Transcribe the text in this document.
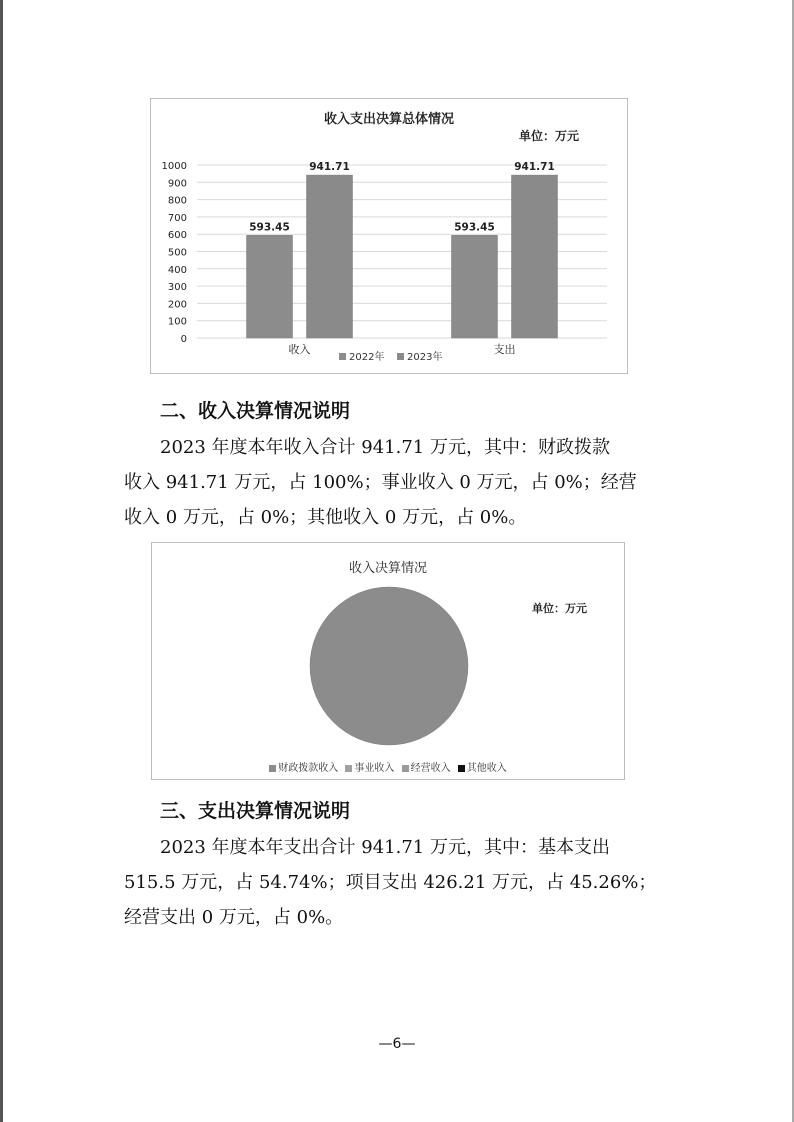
收入支出决算总体情况
单位：万元
0
100
200
300
400
500
600
700
800
900
1000
593.45
941.71
收入
593.45
941.71
支出
2022年 2023年
二、收入决算情况说明

2023 年度本年收入合计 941.71 万元，其中：财政拨款
收入 941.71 万元，占 100%；事业收入 0 万元，占 0%；经营
收入 0 万元，占 0%；其他收入 0 万元，占 0%。

收入决算情况
单位：万元
财政拨款收入 事业收入 经营收入 其他收入
三、支出决算情况说明

2023 年度本年支出合计 941.71 万元，其中：基本支出
515.5 万元，占 54.74%；项目支出 426.21 万元，占 45.26%；
经营支出 0 万元，占 0%。

—6—
